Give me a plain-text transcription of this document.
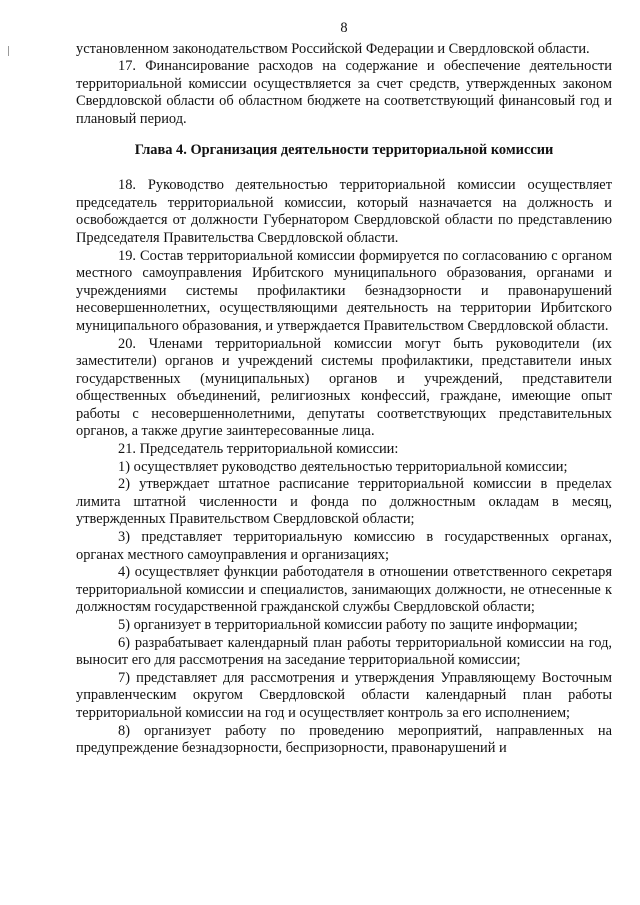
8

установленном законодательством Российской Федерации и Свердловской области.

17. Финансирование расходов на содержание и обеспечение деятельности территориальной комиссии осуществляется за счет средств, утвержденных законом Свердловской области об областном бюджете на соответствующий финансовый год и плановый период.

Глава 4. Организация деятельности территориальной комиссии

18. Руководство деятельностью территориальной комиссии осуществляет председатель территориальной комиссии, который назначается на должность и освобождается от должности Губернатором Свердловской области по представлению Председателя Правительства Свердловской области.

19. Состав территориальной комиссии формируется по согласованию с органом местного самоуправления Ирбитского муниципального образования, органами и учреждениями системы профилактики безнадзорности и правонарушений несовершеннолетних, осуществляющими деятельность на территории Ирбитского муниципального образования, и утверждается Правительством Свердловской области.

20. Членами территориальной комиссии могут быть руководители (их заместители) органов и учреждений системы профилактики, представители иных государственных (муниципальных) органов и учреждений, представители общественных объединений, религиозных конфессий, граждане, имеющие опыт работы с несовершеннолетними, депутаты соответствующих представительных органов, а также другие заинтересованные лица.

21. Председатель территориальной комиссии:

1) осуществляет руководство деятельностью территориальной комиссии;

2) утверждает штатное расписание территориальной комиссии в пределах лимита штатной численности и фонда по должностным окладам в месяц, утвержденных Правительством Свердловской области;

3) представляет территориальную комиссию в государственных органах, органах местного самоуправления и организациях;

4) осуществляет функции работодателя в отношении ответственного секретаря территориальной комиссии и специалистов, занимающих должности, не отнесенные к должностям государственной гражданской службы Свердловской области;

5) организует в территориальной комиссии работу по защите информации;

6) разрабатывает календарный план работы территориальной комиссии на год, выносит его для рассмотрения на заседание территориальной комиссии;

7) представляет для рассмотрения и утверждения Управляющему Восточным управленческим округом Свердловской области календарный план работы территориальной комиссии на год и осуществляет контроль за его исполнением;

8) организует работу по проведению мероприятий, направленных на предупреждение безнадзорности, беспризорности, правонарушений и
